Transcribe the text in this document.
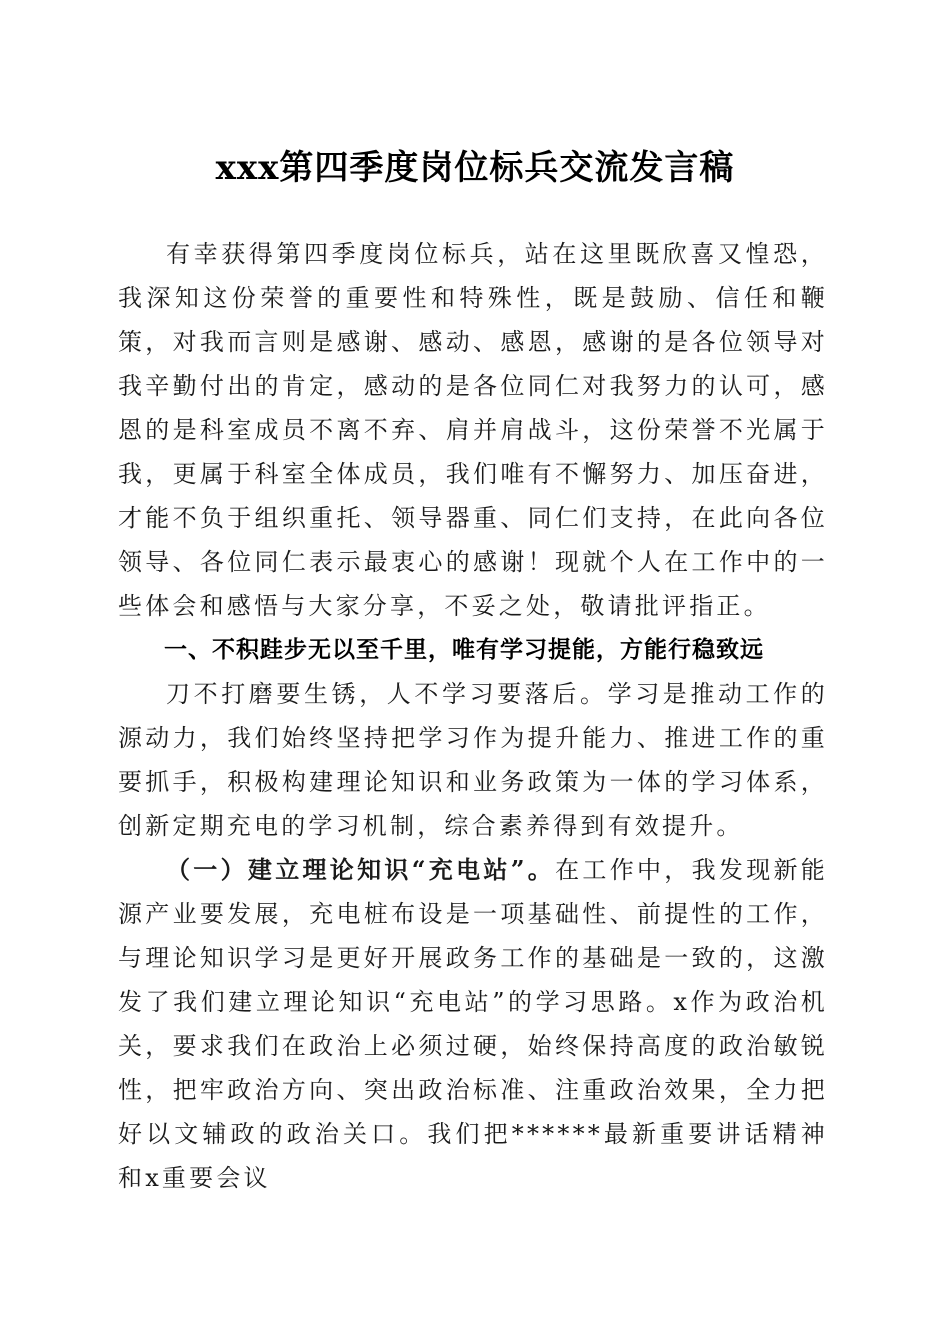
xxx第四季度岗位标兵交流发言稿

有幸获得第四季度岗位标兵，站在这里既欣喜又惶恐，我深知这份荣誉的重要性和特殊性，既是鼓励、信任和鞭策，对我而言则是感谢、感动、感恩，感谢的是各位领导对我辛勤付出的肯定，感动的是各位同仁对我努力的认可，感恩的是科室成员不离不弃、肩并肩战斗，这份荣誉不光属于我，更属于科室全体成员，我们唯有不懈努力、加压奋进，才能不负于组织重托、领导器重、同仁们支持，在此向各位领导、各位同仁表示最衷心的感谢！现就个人在工作中的一些体会和感悟与大家分享，不妥之处，敬请批评指正。

一、不积跬步无以至千里，唯有学习提能，方能行稳致远

刀不打磨要生锈，人不学习要落后。学习是推动工作的源动力，我们始终坚持把学习作为提升能力、推进工作的重要抓手，积极构建理论知识和业务政策为一体的学习体系，创新定期充电的学习机制，综合素养得到有效提升。

（一）建立理论知识“充电站”。在工作中，我发现新能源产业要发展，充电桩布设是一项基础性、前提性的工作，与理论知识学习是更好开展政务工作的基础是一致的，这激发了我们建立理论知识“充电站”的学习思路。x作为政治机关，要求我们在政治上必须过硬，始终保持高度的政治敏锐性，把牢政治方向、突出政治标准、注重政治效果，全力把好以文辅政的政治关口。我们把******最新重要讲话精神和x重要会议
